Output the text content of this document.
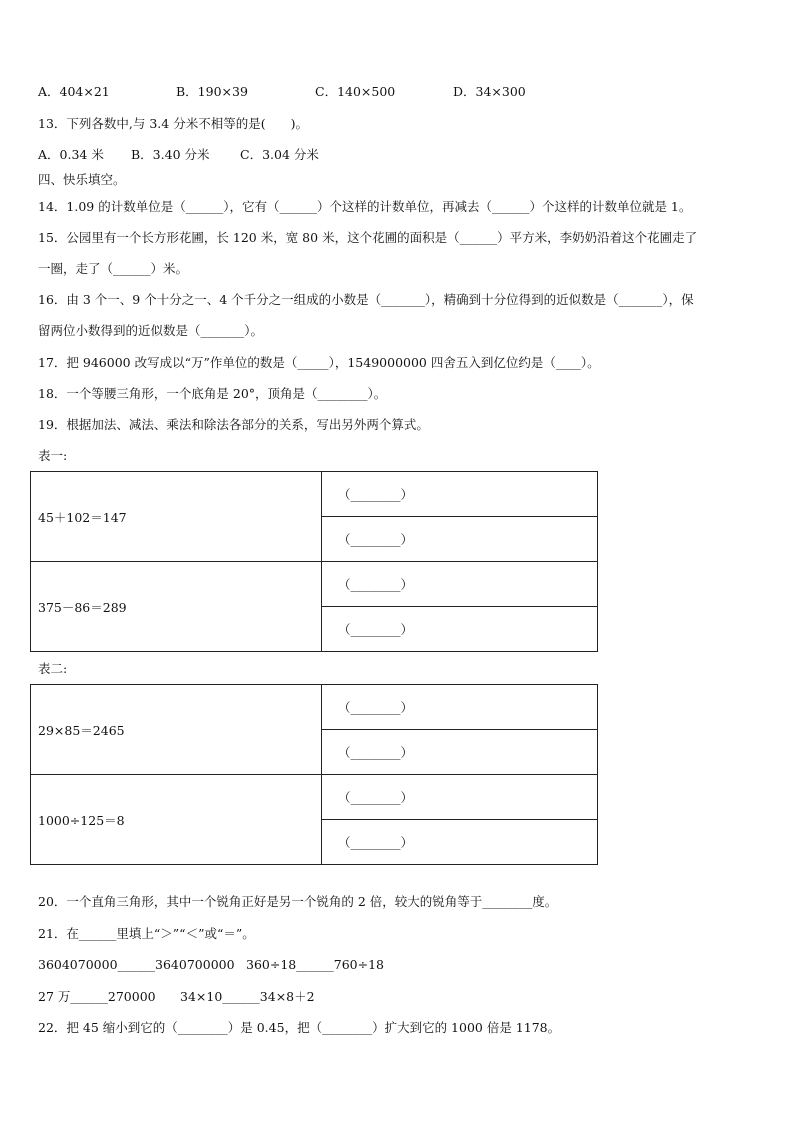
A．404×21	B．190×39	C．140×500	D．34×300
13．下列各数中,与 3.4 分米不相等的是(　　)。
A．0.34 米 B．3.40 分米 C．3.04 分米
四、快乐填空。
14．1.09 的计数单位是（______），它有（______）个这样的计数单位，再减去（______）个这样的计数单位就是 1。
15．公园里有一个长方形花圃，长 120 米，宽 80 米，这个花圃的面积是（______）平方米，李奶奶沿着这个花圃走了
一圈，走了（______）米。
16．由 3 个一、9 个十分之一、4 个千分之一组成的小数是（_______），精确到十分位得到的近似数是（_______），保
留两位小数得到的近似数是（_______）。
17．把 946000 改写成以“万”作单位的数是（_____），1549000000 四舍五入到亿位约是（____）。
18．一个等腰三角形，一个底角是 20°，顶角是（________）。
19．根据加法、减法、乘法和除法各部分的关系，写出另外两个算式。
表一:
45＋102＝147	（________）
	（________）
375－86＝289	（________）
	（________）
表二:
29×85＝2465	（________）
	（________）
1000÷125＝8	（________）
	（________）
20．一个直角三角形，其中一个锐角正好是另一个锐角的 2 倍，较大的锐角等于________度。
21．在______里填上“＞”“＜”或“＝”。
3604070000______3640700000 360÷18______760÷18
27 万______270000 34×10______34×8＋2
22．把 45 缩小到它的（________）是 0.45，把（________）扩大到它的 1000 倍是 1178。
